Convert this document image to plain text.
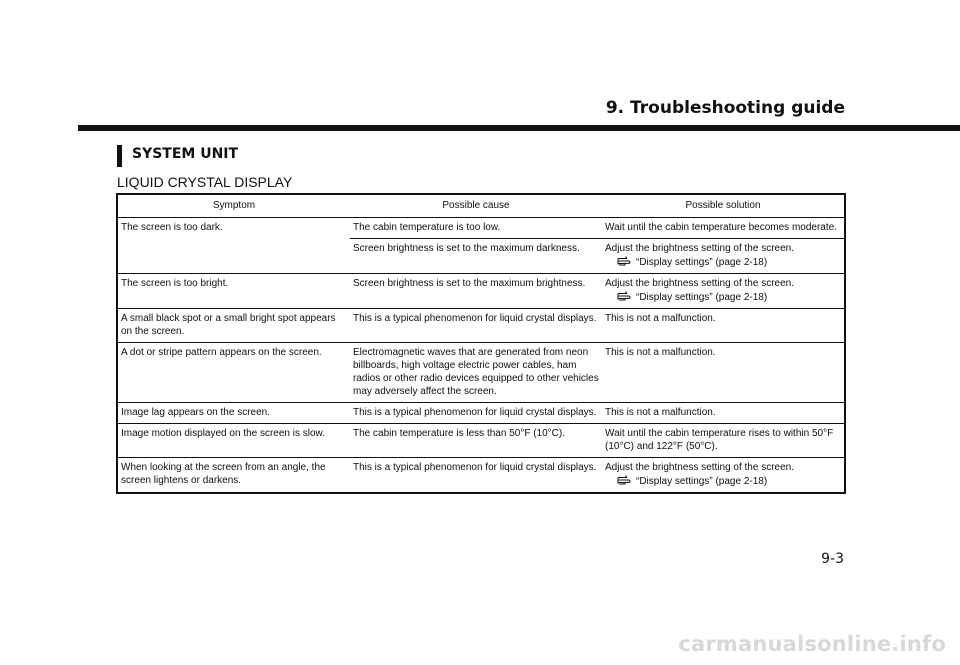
9. Troubleshooting guide
SYSTEM UNIT
LIQUID CRYSTAL DISPLAY
Symptom	Possible cause	Possible solution
The screen is too dark.	The cabin temperature is too low.	Wait until the cabin temperature becomes moderate.
	Screen brightness is set to the maximum darkness.	Adjust the brightness setting of the screen.
“Display settings” (page 2-18)

The screen is too bright.	Screen brightness is set to the maximum brightness.	Adjust the brightness setting of the screen.
“Display settings” (page 2-18)

A small black spot or a small bright spot appears on the screen.	This is a typical phenomenon for liquid crystal displays.	This is not a malfunction.
A dot or stripe pattern appears on the screen.	Electromagnetic waves that are generated from neon billboards, high voltage electric power cables, ham radios or other radio devices equipped to other vehicles may adversely affect the screen.	This is not a malfunction.
Image lag appears on the screen.	This is a typical phenomenon for liquid crystal displays.	This is not a malfunction.
Image motion displayed on the screen is slow.	The cabin temperature is less than 50°F (10°C).	Wait until the cabin temperature rises to within 50°F (10°C) and 122°F (50°C).
When looking at the screen from an angle, the screen lightens or darkens.	This is a typical phenomenon for liquid crystal displays.	Adjust the brightness setting of the screen.
“Display settings” (page 2-18)

9-3

carmanualsonline.info
